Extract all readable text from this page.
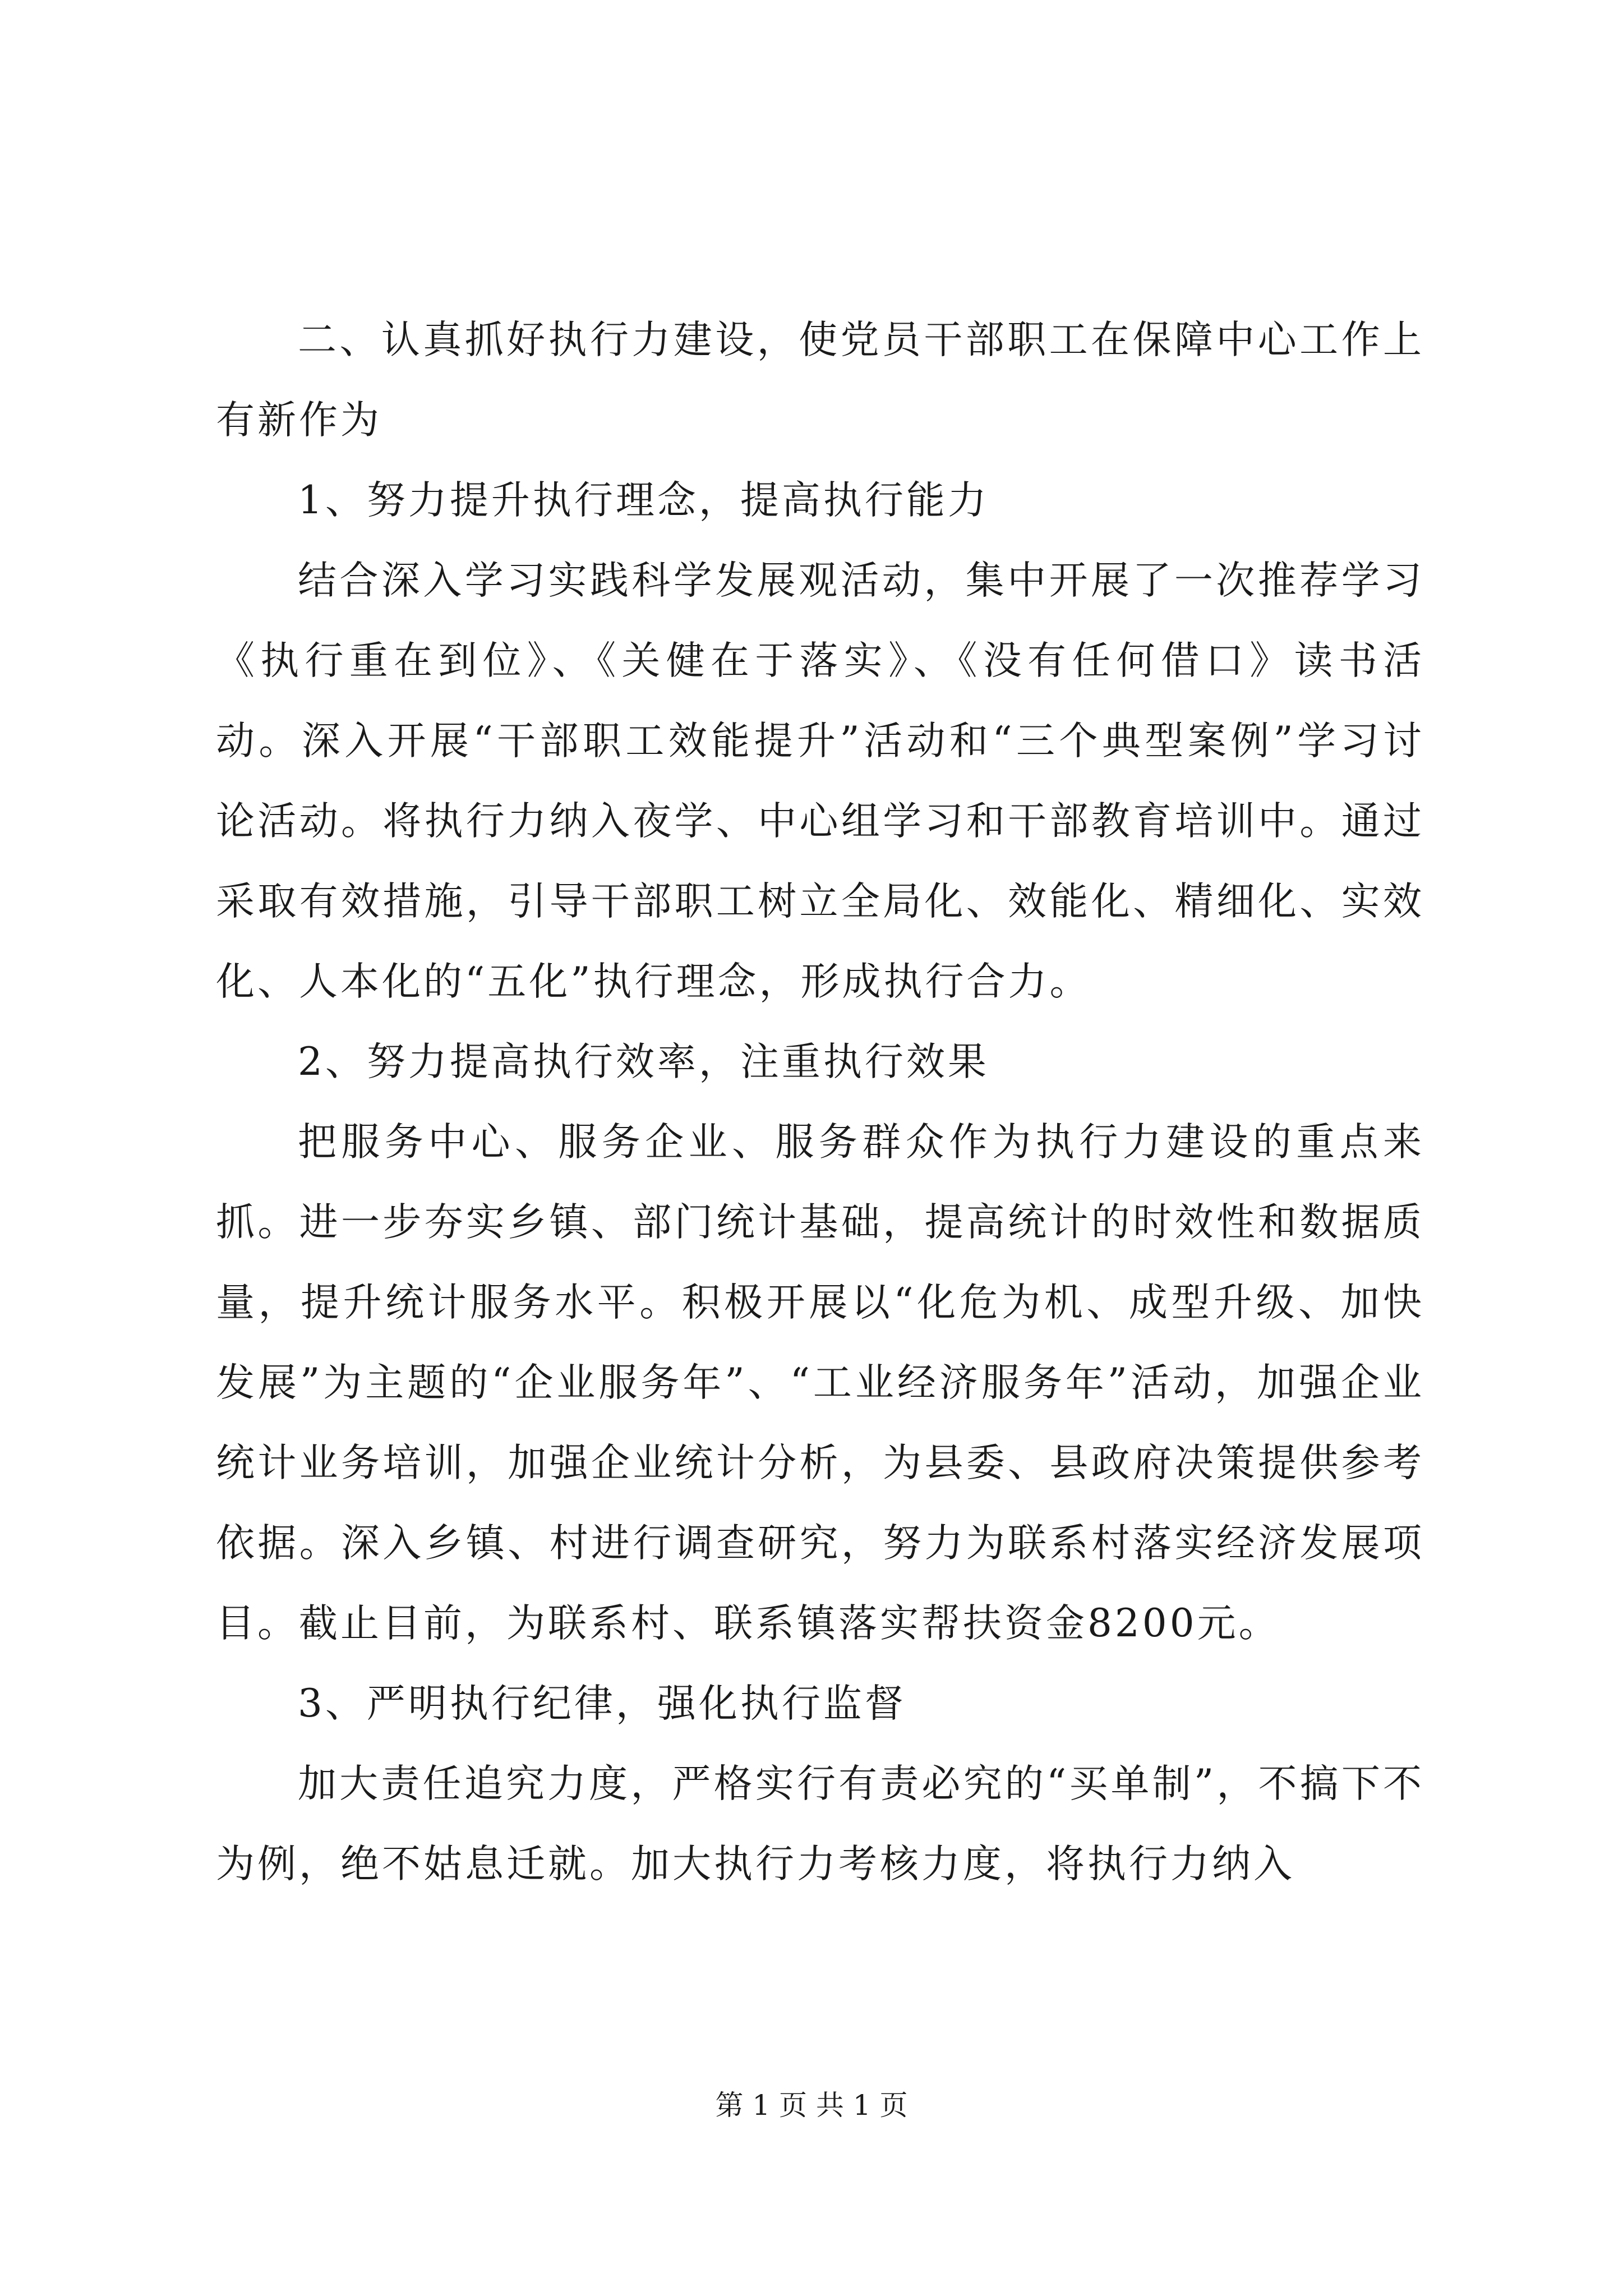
二、认真抓好执行力建设，使党员干部职工在保障中心工作上有新作为

1、努力提升执行理念，提高执行能力

结合深入学习实践科学发展观活动，集中开展了一次推荐学习《执行重在到位》、《关健在于落实》、《没有任何借口》读书活动。深入开展“干部职工效能提升”活动和“三个典型案例”学习讨论活动。将执行力纳入夜学、中心组学习和干部教育培训中。通过采取有效措施，引导干部职工树立全局化、效能化、精细化、实效化、人本化的“五化”执行理念，形成执行合力。

2、努力提高执行效率，注重执行效果

把服务中心、服务企业、服务群众作为执行力建设的重点来抓。进一步夯实乡镇、部门统计基础，提高统计的时效性和数据质量，提升统计服务水平。积极开展以“化危为机、成型升级、加快发展”为主题的“企业服务年”、“工业经济服务年”活动，加强企业统计业务培训，加强企业统计分析，为县委、县政府决策提供参考依据。深入乡镇、村进行调查研究，努力为联系村落实经济发展项目。截止目前，为联系村、联系镇落实帮扶资金8200元。

3、严明执行纪律，强化执行监督

加大责任追究力度，严格实行有责必究的“买单制”，不搞下不为例，绝不姑息迁就。加大执行力考核力度，将执行力纳入

第 1 页 共 1 页
